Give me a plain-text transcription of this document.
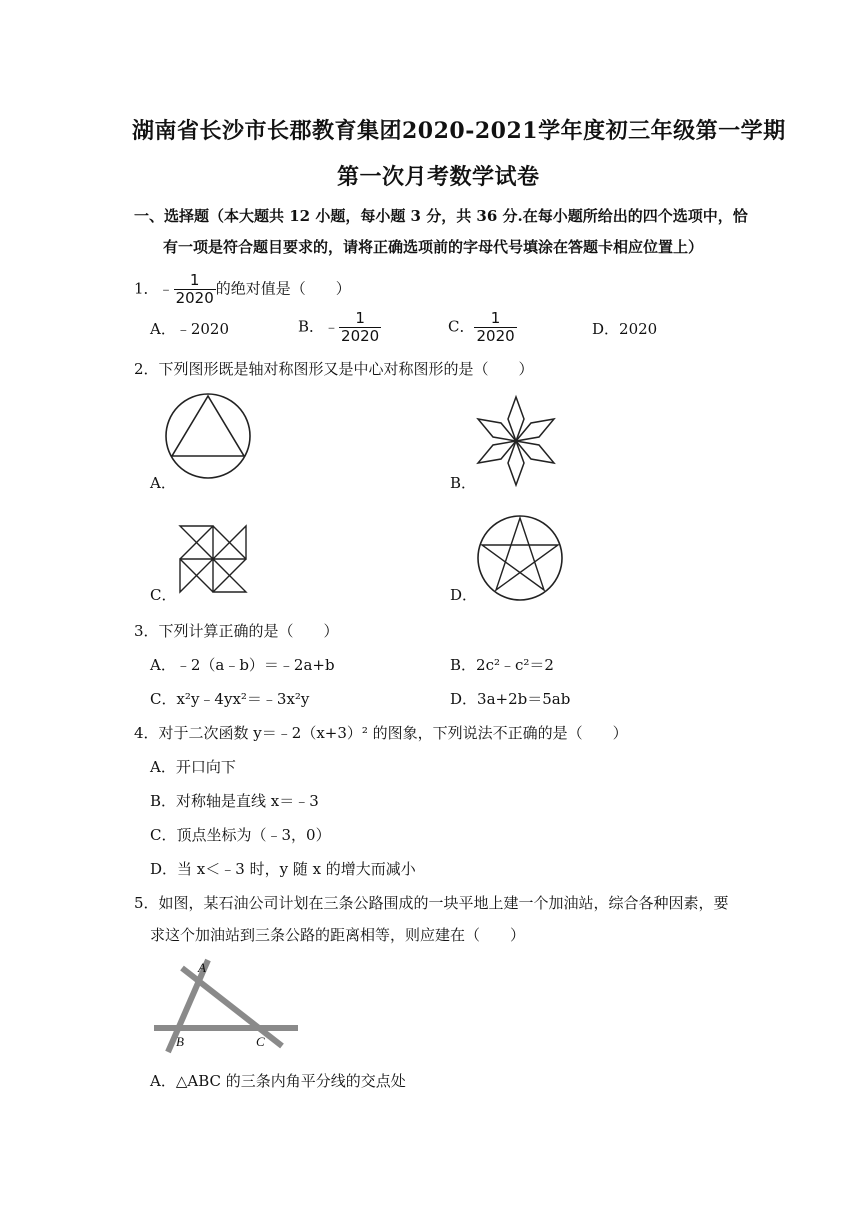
湖南省长沙市长郡教育集团2020-2021学年度初三年级第一学期
第一次月考数学试卷
一、选择题（本大题共 12 小题，每小题 3 分，共 36 分.在每小题所给出的四个选项中，恰
有一项是符合题目要求的，请将正确选项前的字母代号填涂在答题卡相应位置上）
1．﹣ $\frac{1}{2020}$ 的绝对值是（　　）
A．﹣2020	B．﹣ $\frac{1}{2020}$	C． $\frac{1}{2020}$	D．2020
2．下列图形既是轴对称图形又是中心对称图形的是（　　）
A．	B．
C．	D．
3．下列计算正确的是（　　）
A．﹣2（a﹣b）＝﹣2a+b	B．2c²﹣c²＝2
C．x²y﹣4yx²＝﹣3x²y	D．3a+2b＝5ab
4．对于二次函数 y＝﹣2（x+3）² 的图象，下列说法不正确的是（　　）
A．开口向下
B．对称轴是直线 x＝﹣3
C．顶点坐标为（﹣3，0）
D．当 x＜﹣3 时，y 随 x 的增大而减小
5．如图，某石油公司计划在三条公路围成的一块平地上建一个加油站，综合各种因素，要
求这个加油站到三条公路的距离相等，则应建在（　　）
A
B	C
A．△ABC 的三条内角平分线的交点处
